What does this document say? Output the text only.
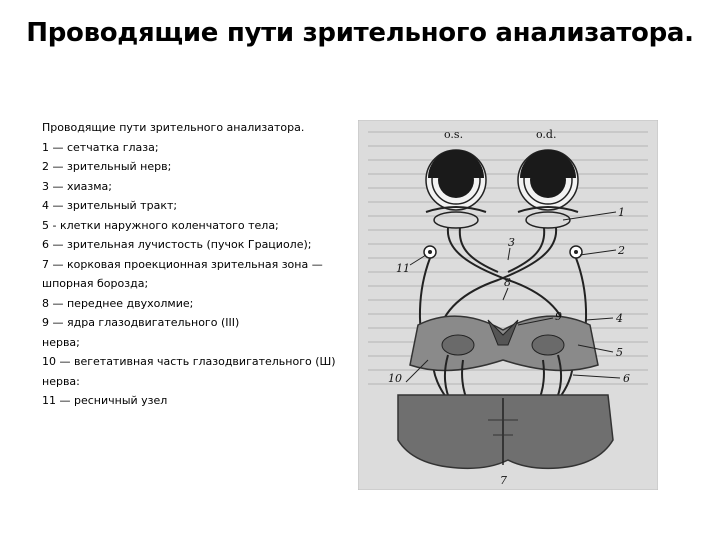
Проводящие пути зрительного анализатора.
Проводящие пути зрительного анализатора.
1 — сетчатка глаза;
2 — зрительный нерв;
3 — хиазма;
4 — зрительный тракт;
5 - клетки наружного коленчатого тела;
6 — зрительная лучистость (пучок Грациоле);
7 — корковая проекционная зрительная зона —
шпорная борозда;
8 — переднее двухолмие;
9 — ядра глазодвигательного (III)
нерва;
10 — вегетативная часть глазодвигательного (Ш)
нерва:
11 — ресничный узел
o.s.	o.d.
1
2
3
4
5
6
7
8
9
10
11
